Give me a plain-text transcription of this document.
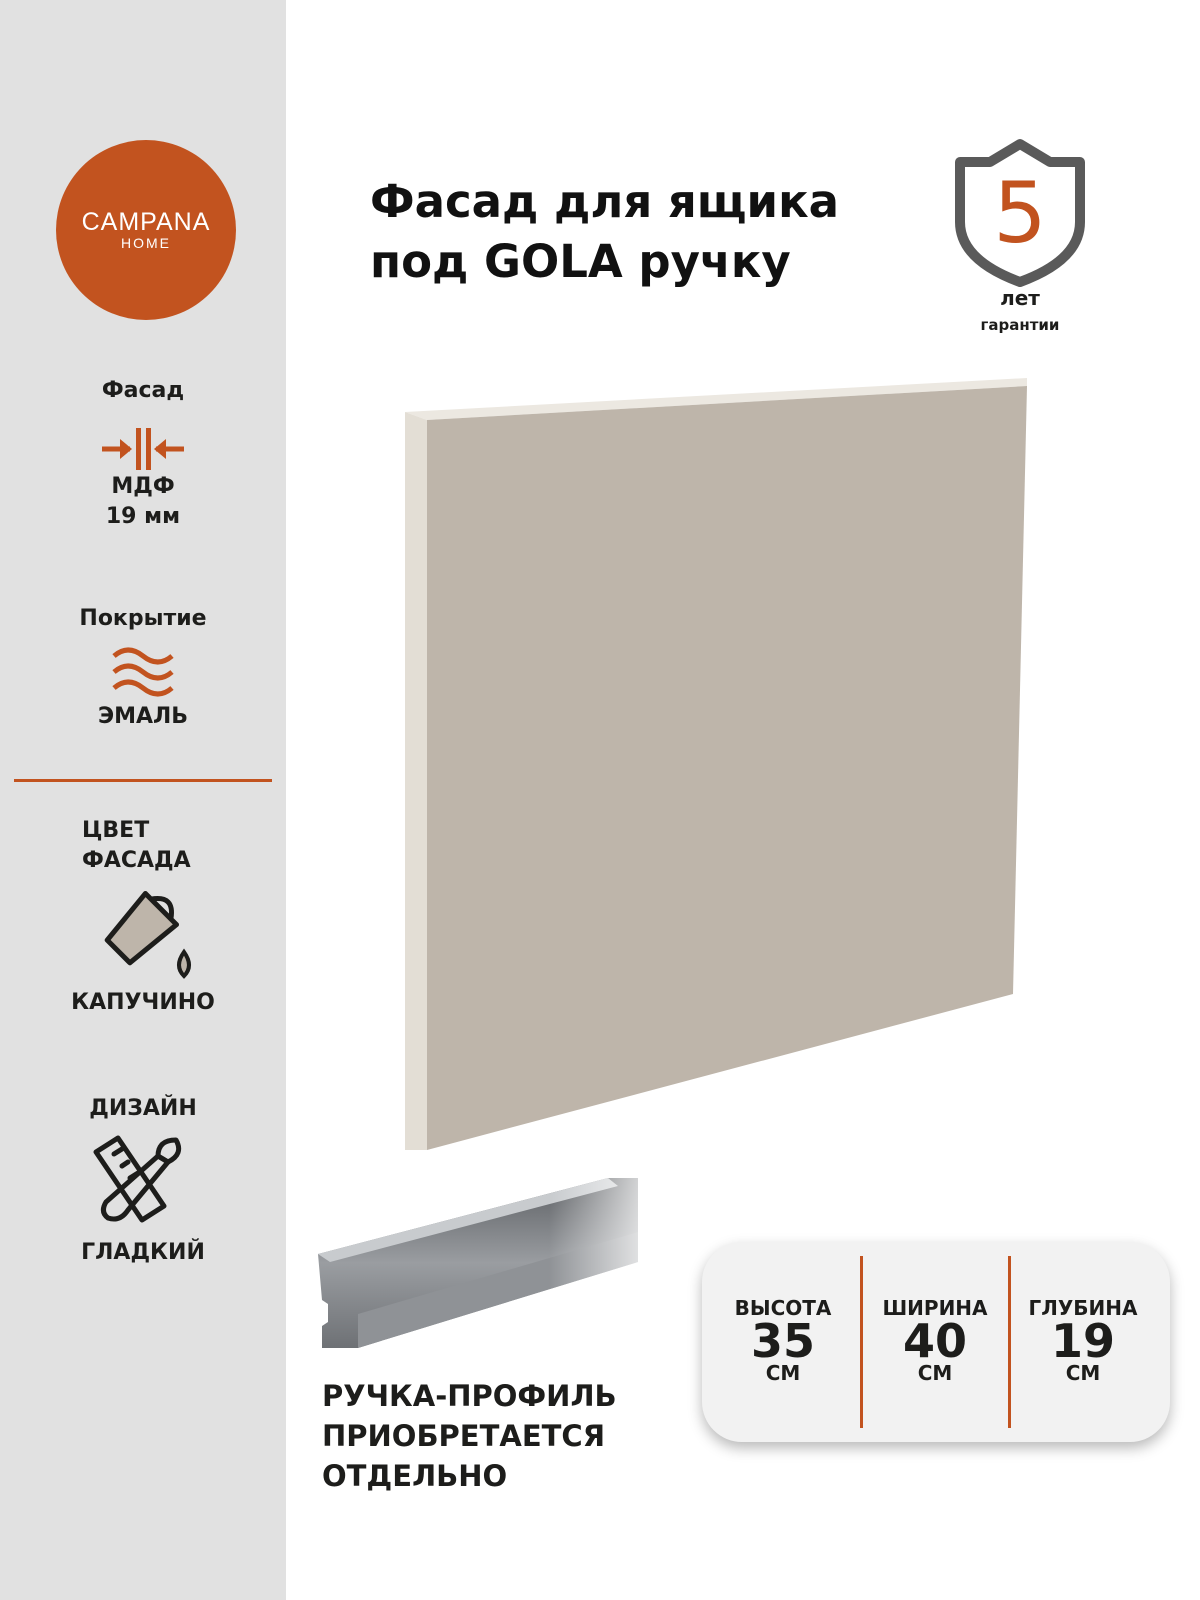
CAMPANA
HOME
Фасад
МДФ
19 мм
Покрытие
ЭМАЛЬ
ЦВЕТ
ФАСАДА
КАПУЧИНО
ДИЗАЙН
ГЛАДКИЙ
Фасад для ящика
под GOLA ручку	5
лет
гарантии
РУЧКА-ПРОФИЛЬ
ПРИОБРЕТАЕТСЯ
ОТДЕЛЬНО
ВЫСОТА
35
СМ
ШИРИНА
40
СМ
ГЛУБИНА
19
СМ
